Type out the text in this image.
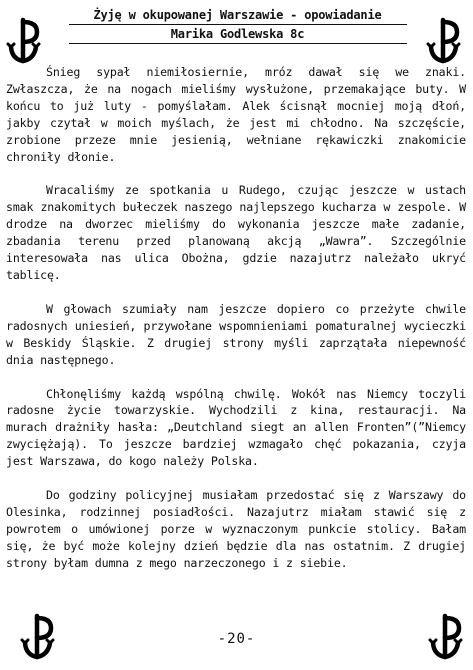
Żyję w okupowanej Warszawie - opowiadanie
Marika Godlewska 8c

Śnieg sypał niemiłosiernie, mróz dawał się we znaki. Zwłaszcza, że na nogach mieliśmy wysłużone, przemakające buty. W końcu to już luty - pomyślałam. Alek ścisnął mocniej moją dłoń, jakby czytał w moich myślach, że jest mi chłodno. Na szczęście, zrobione przeze mnie jesienią, wełniane rękawiczki znakomicie chroniły dłonie.

Wracaliśmy ze spotkania u Rudego, czując jeszcze w ustach smak znakomitych bułeczek naszego najlepszego kucharza w zespole. W drodze na dworzec mieliśmy do wykonania jeszcze małe zadanie, zbadania terenu przed planowaną akcją „Wawra”. Szczególnie interesowała nas ulica Obożna, gdzie nazajutrz należało ukryć tablicę.

W głowach szumiały nam jeszcze dopiero co przeżyte chwile radosnych uniesień, przywołane wspomnieniami pomaturalnej wycieczki w Beskidy Śląskie. Z drugiej strony myśli zaprzątała niepewność dnia następnego.

Chłonęliśmy każdą wspólną chwilę. Wokół nas Niemcy toczyli radosne życie towarzyskie. Wychodzili z kina, restauracji. Na murach drażniły hasła: „Deutchland siegt an allen Fronten”(”Niemcy zwyciężają). To jeszcze bardziej wzmagało chęć pokazania, czyja jest Warszawa, do kogo należy Polska.

Do godziny policyjnej musiałam przedostać się z Warszawy do Olesinka, rodzinnej posiadłości. Nazajutrz miałam stawić się z powrotem o umówionej porze w wyznaczonym punkcie stolicy. Bałam się, że być może kolejny dzień będzie dla nas ostatnim. Z drugiej strony byłam dumna z mego narzeczonego i z siebie.

-20-
